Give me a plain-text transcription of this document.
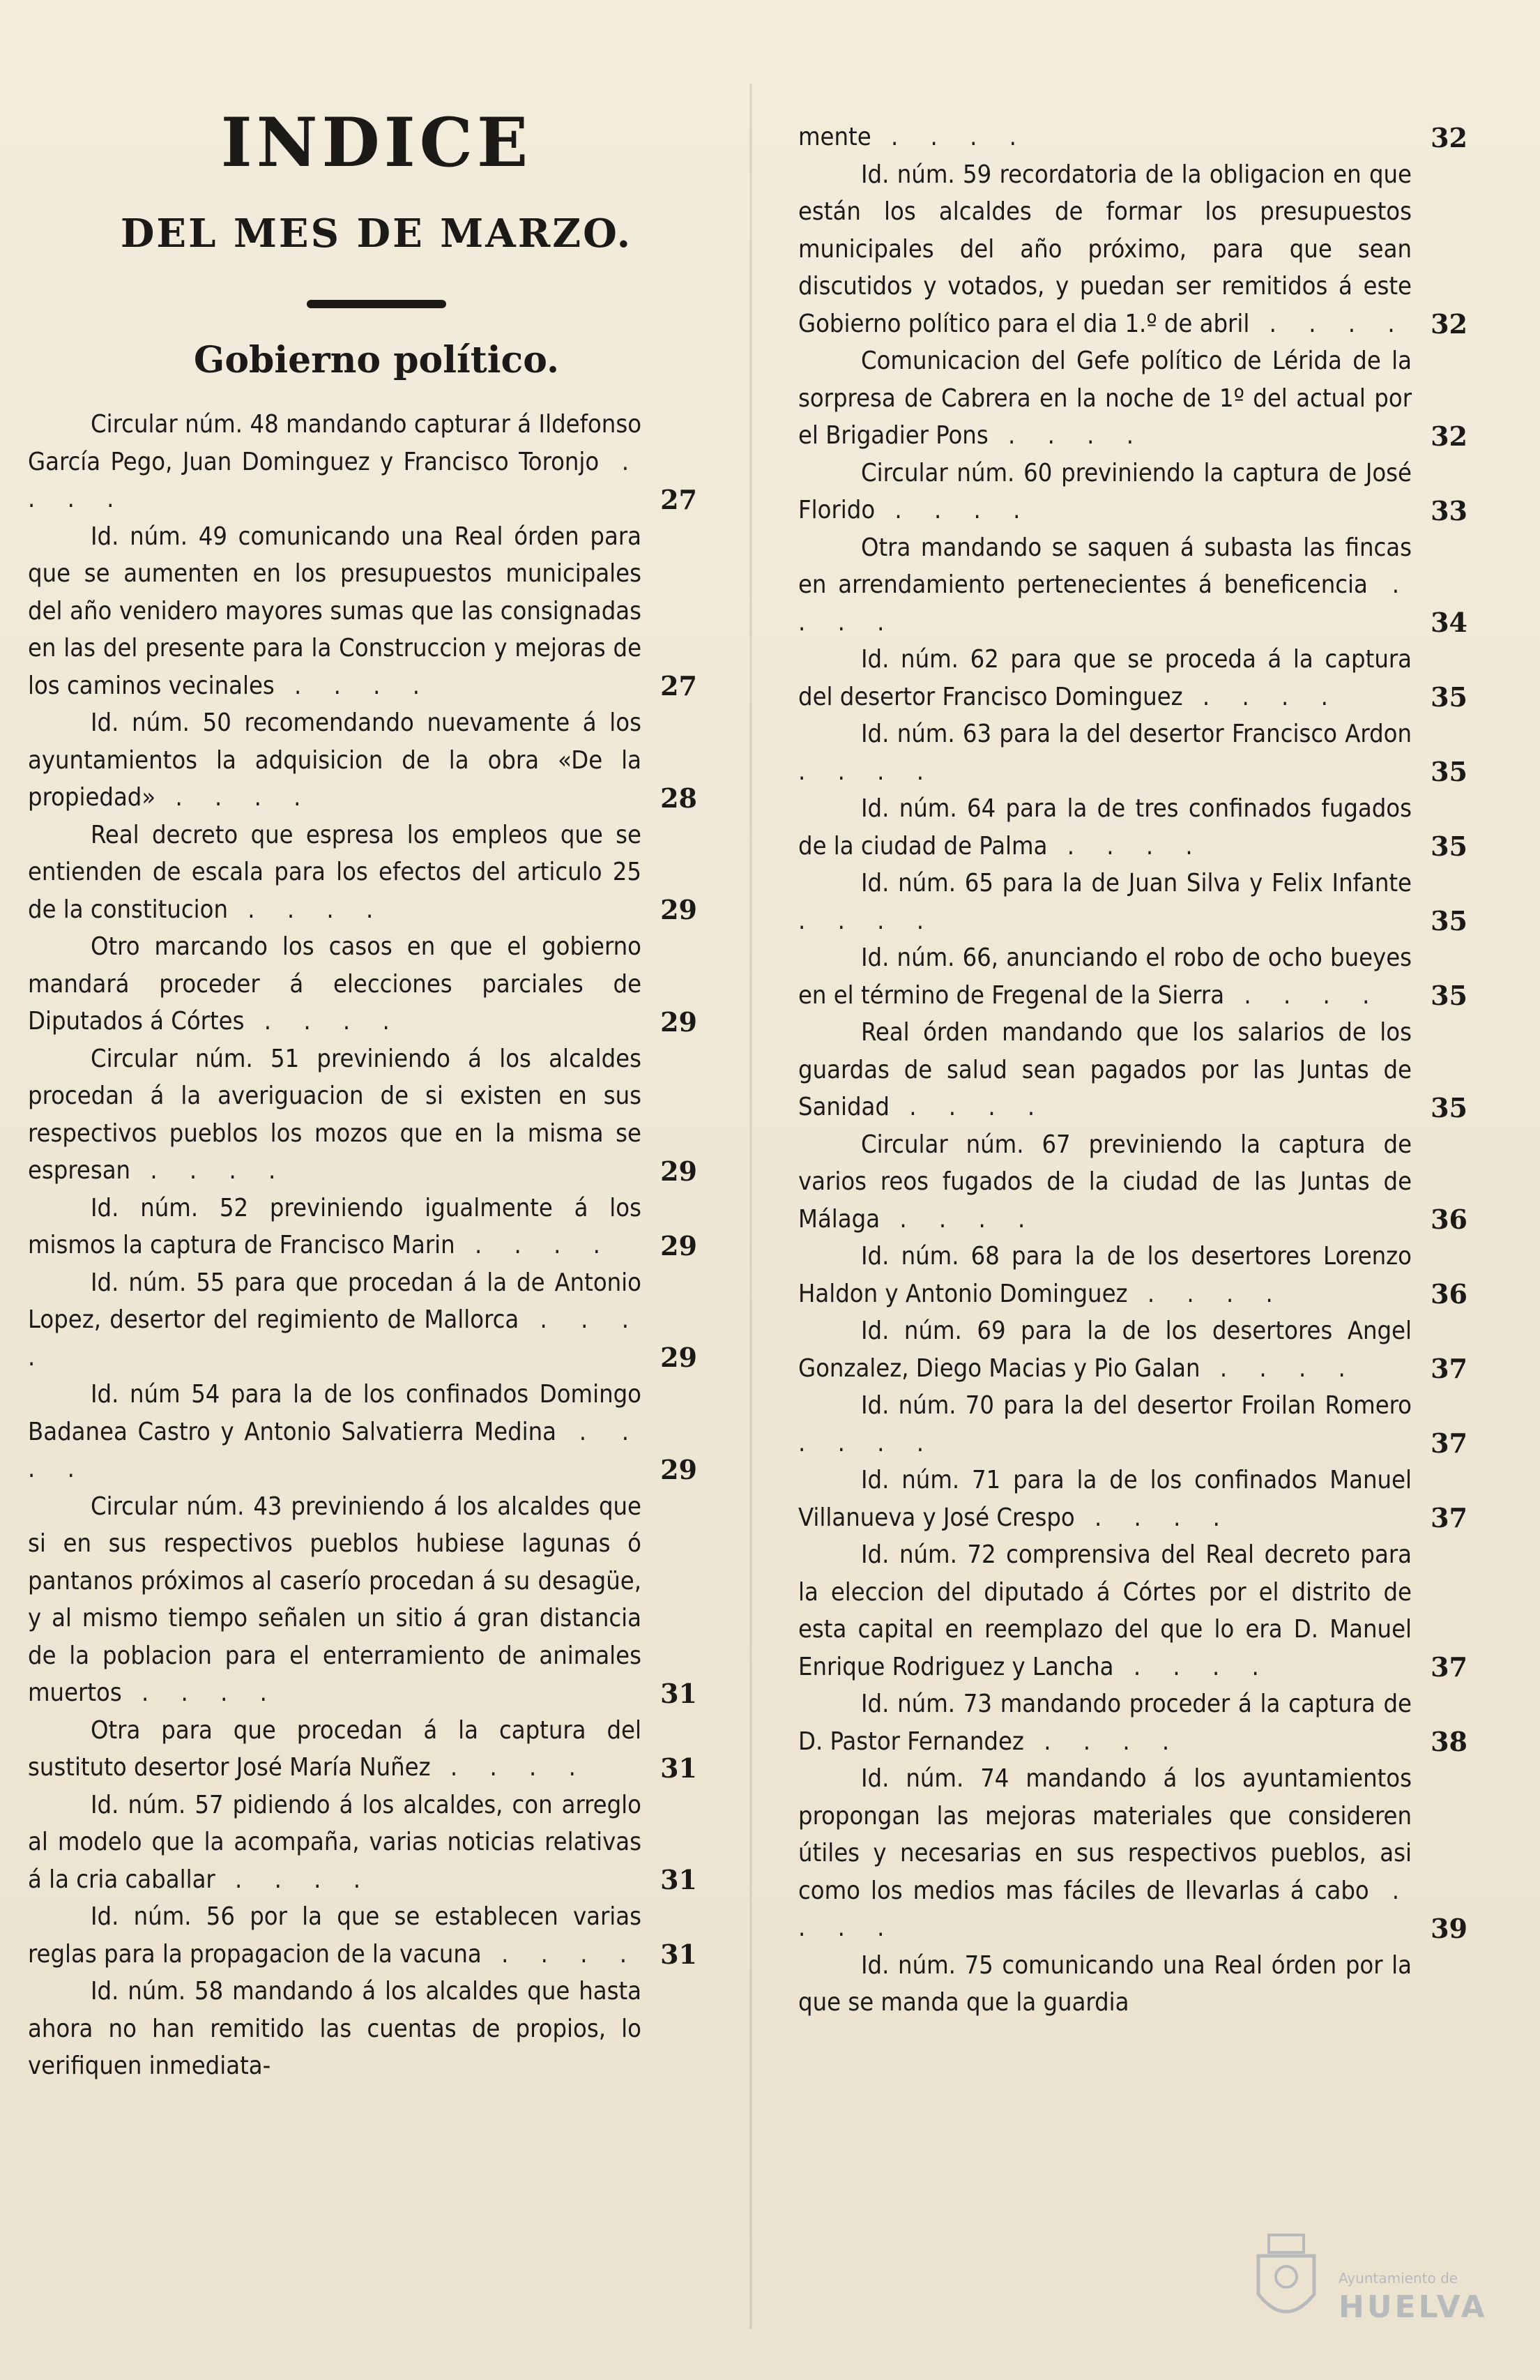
INDICE
DEL MES DE MARZO.
Gobierno político.
Circular núm. 48 mandando capturar á Ildefonso García Pego, Juan Dominguez y Francisco Toronjo . . . .	27
Id. núm. 49 comunicando una Real órden para que se aumenten en los presupuestos municipales del año venidero mayores sumas que las consignadas en las del presente para la Construccion y mejoras de los caminos vecinales . . . .	27
Id. núm. 50 recomendando nuevamente á los ayuntamientos la adquisicion de la obra «De la propiedad» . . . .	28
Real decreto que espresa los empleos que se entienden de escala para los efectos del articulo 25 de la constitucion . . . .	29
Otro marcando los casos en que el gobierno mandará proceder á elecciones parciales de Diputados á Córtes . . . .	29
Circular núm. 51 previniendo á los alcaldes procedan á la averiguacion de si existen en sus respectivos pueblos los mozos que en la misma se espresan . . . .	29
Id. núm. 52 previniendo igualmente á los mismos la captura de Francisco Marin . . . .	29
Id. núm. 55 para que procedan á la de Antonio Lopez, desertor del regimiento de Mallorca . . . .	29
Id. núm 54 para la de los confinados Domingo Badanea Castro y Antonio Salvatierra Medina . . . .	29
Circular núm. 43 previniendo á los alcaldes que si en sus respectivos pueblos hubiese lagunas ó pantanos próximos al caserío procedan á su desagüe, y al mismo tiempo señalen un sitio á gran distancia de la poblacion para el enterramiento de animales muertos . . . .	31
Otra para que procedan á la captura del sustituto desertor José María Nuñez . . . .	31
Id. núm. 57 pidiendo á los alcaldes, con arreglo al modelo que la acompaña, varias noticias relativas á la cria caballar . . . .	31
Id. núm. 56 por la que se establecen varias reglas para la propagacion de la vacuna . . . . 31
Id. núm. 58 mandando á los alcaldes que hasta ahora no han remitido las cuentas de propios, lo verifiquen inmediata-
mente . . . .	32
Id. núm. 59 recordatoria de la obligacion en que están los alcaldes de formar los presupuestos municipales del año próximo, para que sean discutidos y votados, y puedan ser remitidos á este Gobierno político para el dia 1.º de abril . . . . 32
Comunicacion del Gefe político de Lérida de la sorpresa de Cabrera en la noche de 1º del actual por el Brigadier Pons . . . .	32
Circular núm. 60 previniendo la captura de José Florido . . . .	33
Otra mandando se saquen á subasta las fincas en arrendamiento pertenecientes á beneficencia . . . .	34
Id. núm. 62 para que se proceda á la captura del desertor Francisco Dominguez . . . .	35
Id. núm. 63 para la del desertor Francisco Ardon . . . .	35
Id. núm. 64 para la de tres confinados fugados de la ciudad de Palma . . . .	35
Id. núm. 65 para la de Juan Silva y Felix Infante . . . .	35
Id. núm. 66, anunciando el robo de ocho bueyes en el término de Fregenal de la Sierra . . . .	35
Real órden mandando que los salarios de los guardas de salud sean pagados por las Juntas de Sanidad . . . .	35
Circular núm. 67 previniendo la captura de varios reos fugados de la ciudad de las Juntas de Málaga . . . .	36
Id. núm. 68 para la de los desertores Lorenzo Haldon y Antonio Dominguez . . . .	36
Id. núm. 69 para la de los desertores Angel Gonzalez, Diego Macias y Pio Galan . . . .	37
Id. núm. 70 para la del desertor Froilan Romero . . . .	37
Id. núm. 71 para la de los confinados Manuel Villanueva y José Crespo . . . .	37
Id. núm. 72 comprensiva del Real decreto para la eleccion del diputado á Córtes por el distrito de esta capital en reemplazo del que lo era D. Manuel Enrique Rodriguez y Lancha . . . .	37
Id. núm. 73 mandando proceder á la captura de D. Pastor Fernandez . . . .	38
Id. núm. 74 mandando á los ayuntamientos propongan las mejoras materiales que consideren útiles y necesarias en sus respectivos pueblos, asi como los medios mas fáciles de llevarlas á cabo . . . .	39
Id. núm. 75 comunicando una Real órden por la que se manda que la guardia
Ayuntamiento de
HUELVA
